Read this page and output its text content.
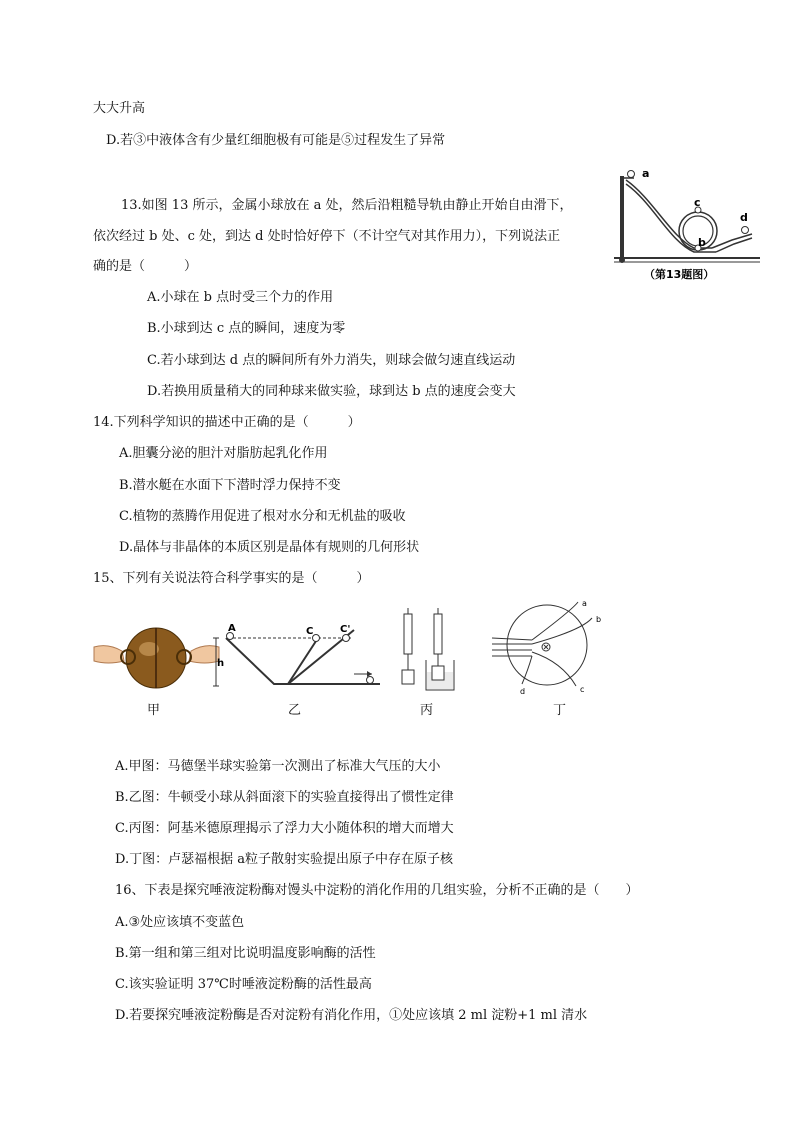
大大升高
D.若③中液体含有少量红细胞极有可能是⑤过程发生了异常
13.如图 13 所示，金属小球放在 a 处，然后沿粗糙导轨由静止开始自由滑下，
依次经过 b 处、c 处，到达 d 处时恰好停下（不计空气对其作用力），下列说法正
确的是（　　　）
A.小球在 b 点时受三个力的作用
B.小球到达 c 点的瞬间，速度为零
C.若小球到达 d 点的瞬间所有外力消失，则球会做匀速直线运动
D.若换用质量稍大的同种球来做实验，球到达 b 点的速度会变大
14.下列科学知识的描述中正确的是（　　　）
A.胆囊分泌的胆汁对脂肪起乳化作用
B.潜水艇在水面下下潜时浮力保持不变
C.植物的蒸腾作用促进了根对水分和无机盐的吸收
D.晶体与非晶体的本质区别是晶体有规则的几何形状
15、下列有关说法符合科学事实的是（　　　）
A.甲图：马德堡半球实验第一次测出了标准大气压的大小
B.乙图：牛顿受小球从斜面滚下的实验直接得出了惯性定律
C.丙图：阿基米德原理揭示了浮力大小随体积的增大而增大
D.丁图：卢瑟福根据 a粒子散射实验提出原子中存在原子核
16、下表是探究唾液淀粉酶对馒头中淀粉的消化作用的几组实验，分析不正确的是（　　）
A.③处应该填不变蓝色
B.第一组和第三组对比说明温度影响酶的活性
C.该实验证明 37℃时唾液淀粉酶的活性最高
D.若要探究唾液淀粉酶是否对淀粉有消化作用，①处应该填 2 ml 淀粉+1 ml 清水
a
c
b
d
（第13题图）
A	C	C'
h
a
b
c
d
甲	乙	丙	丁
